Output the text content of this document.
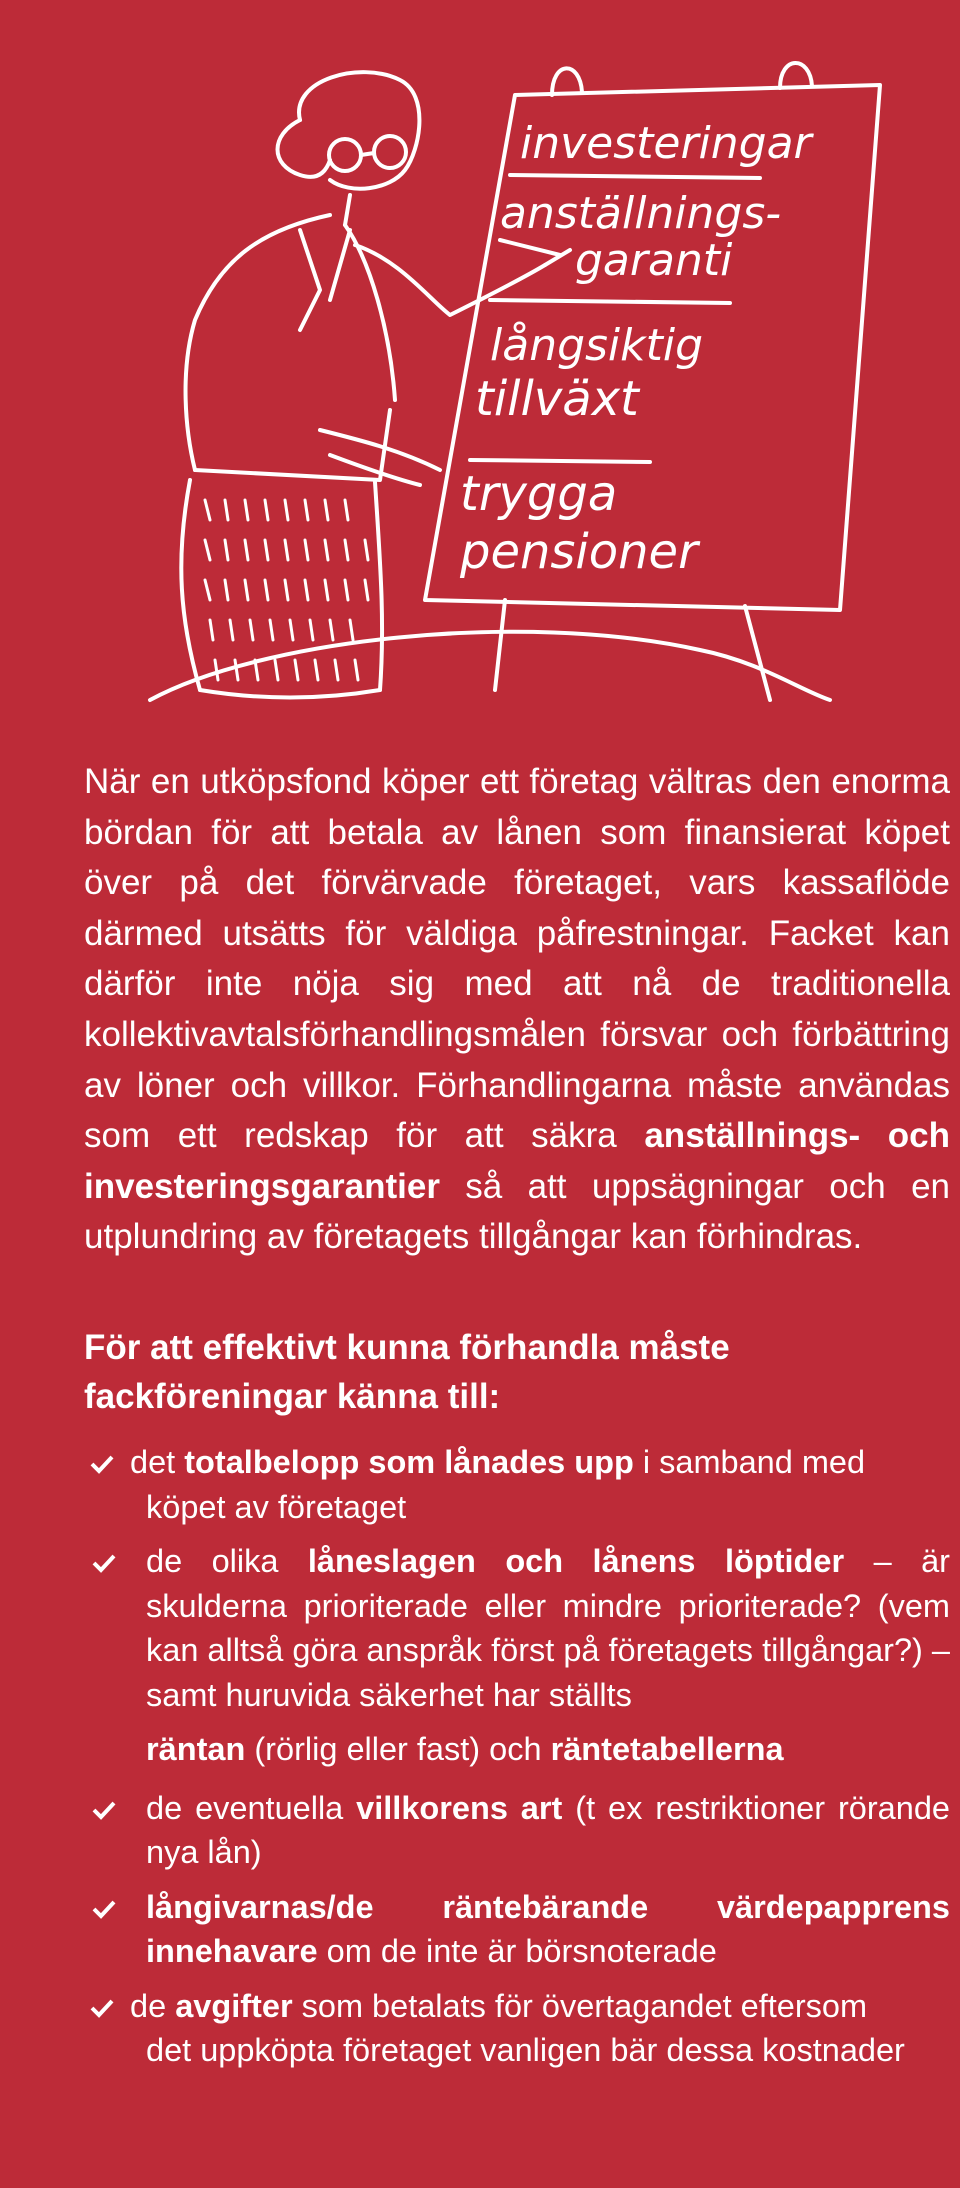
investeringar
anställnings-
garanti
långsiktig
tillväxt
trygga
pensioner
När en utköpsfond köper ett företag vältras den enorma bördan för att betala av lånen som finansierat köpet över på det förvärvade företaget, vars kassaflöde därmed utsätts för väldiga påfrestningar. Facket kan därför inte nöja sig med att nå de traditionella kollektivavtalsförhandlingsmålen försvar och förbättring av löner och villkor. Förhandlingarna måste användas som ett redskap för att säkra anställnings- och investeringsgarantier så att uppsägningar och en utplundring av företagets tillgångar kan förhindras.
För att effektivt kunna förhandla måste fackföreningar känna till:

det totalbelopp som lånades upp i samband med

köpet av företaget

de olika låneslagen och lånens löptider – är skulderna prioriterade eller mindre prioriterade? (vem kan alltså göra anspråk först på företagets tillgångar?) – samt huruvida säkerhet har ställts

räntan (rörlig eller fast) och räntetabellerna

de eventuella villkorens art (t ex restriktioner rörande nya lån)

långivarnas/de räntebärande värdepapprens innehavare om de inte är börsnoterade

de avgifter som betalats för övertagandet eftersom

det uppköpta företaget vanligen bär dessa kostnader
